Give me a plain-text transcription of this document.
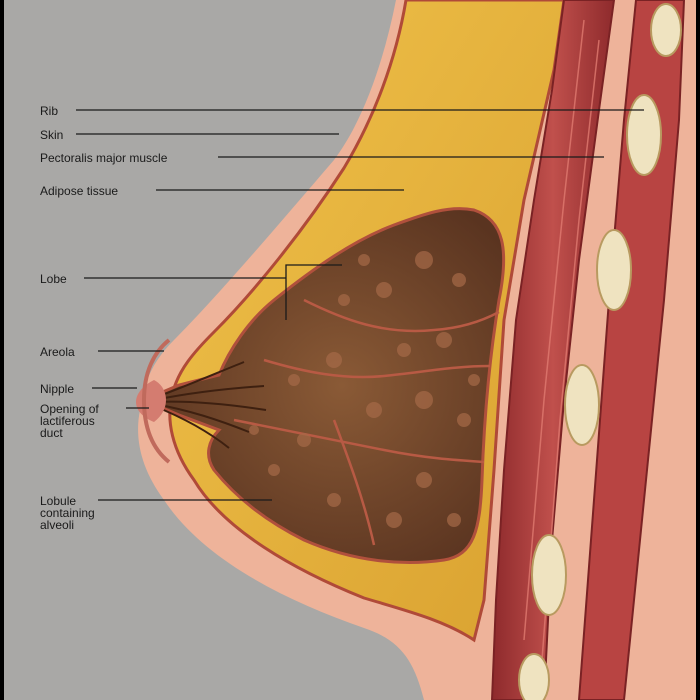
Rib
Skin
Pectoralis major muscle
Adipose tissue
Lobe
Areola
Nipple
Opening of
lactiferous
duct
Lobule
containing
alveoli
